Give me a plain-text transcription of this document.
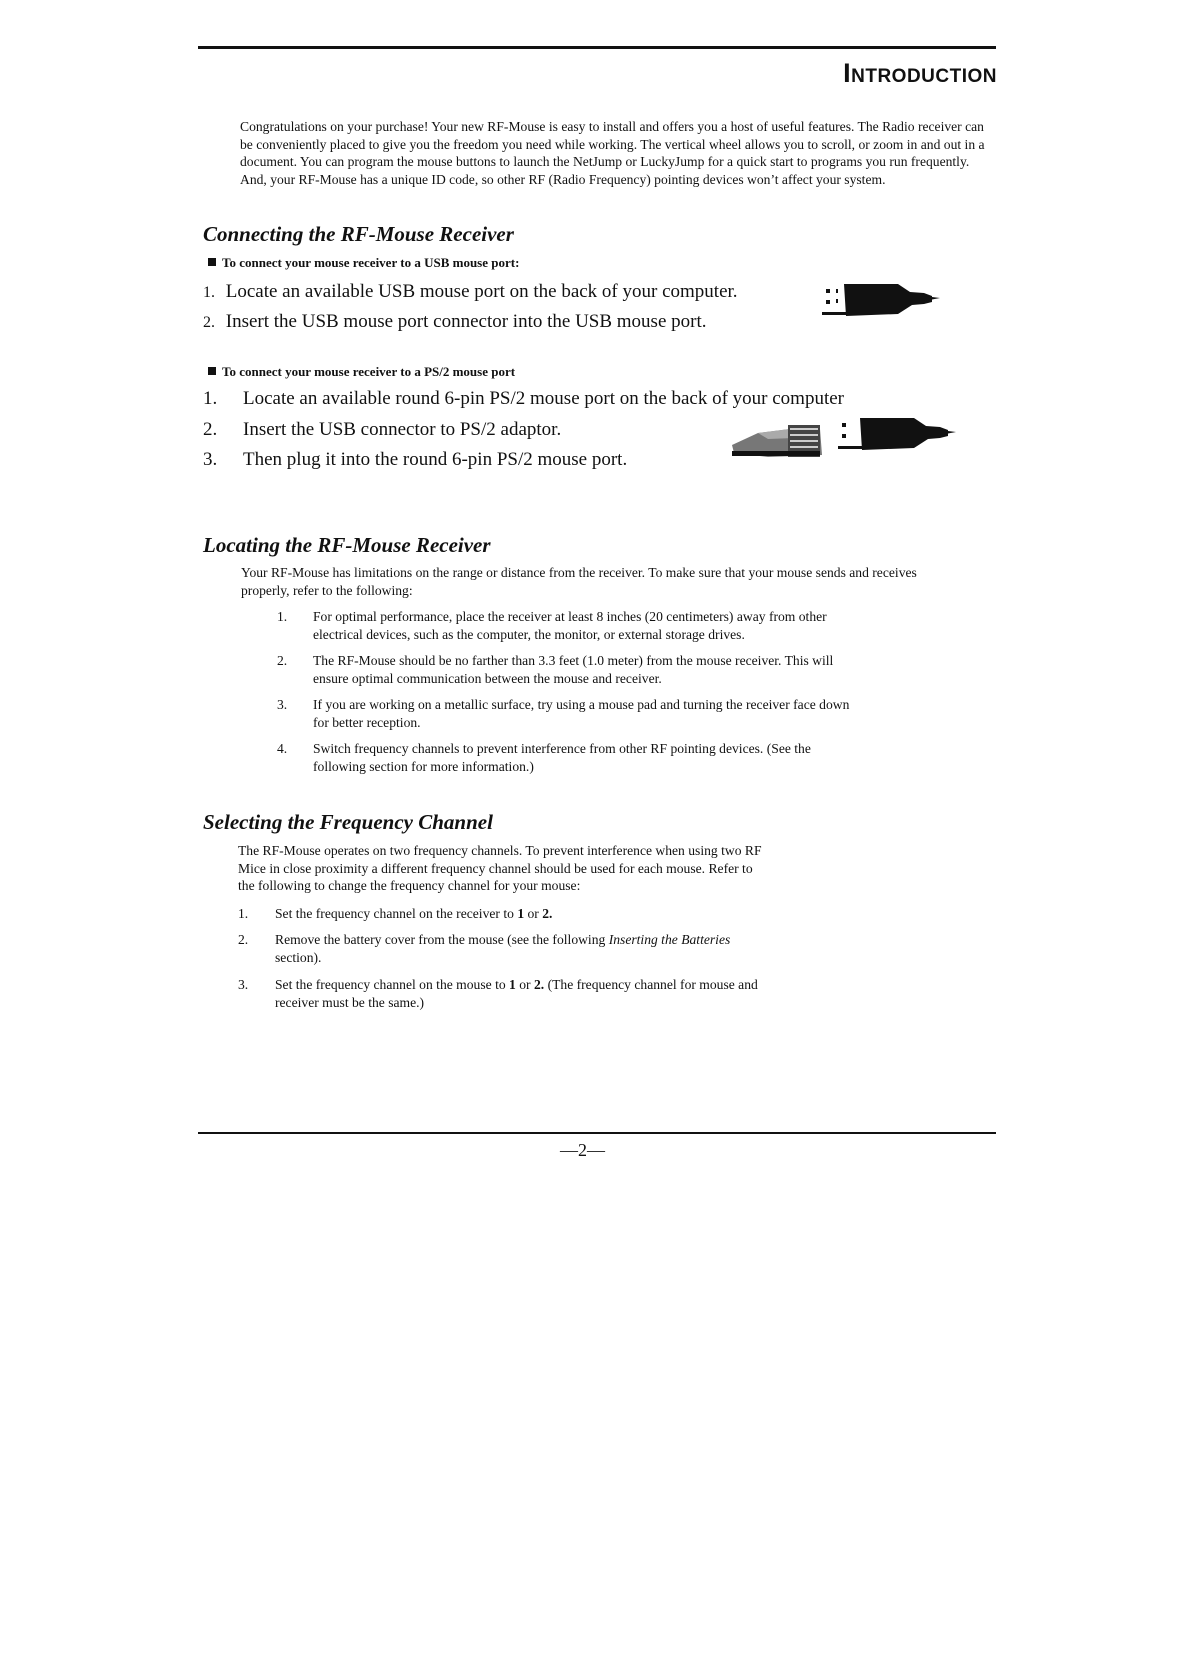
Introduction
Congratulations on your purchase! Your new RF-Mouse is easy to install and offers you a host of useful features. The Radio receiver can be conveniently placed to give you the freedom you need while working. The vertical wheel allows you to scroll, or zoom in and out in a document. You can program the mouse buttons to launch the NetJump or LuckyJump for a quick start to programs you run frequently. And, your RF-Mouse has a unique ID code, so other RF (Radio Frequency) pointing devices won’t affect your system.
Connecting the RF-Mouse Receiver
To connect your mouse receiver to a USB mouse port:
1. Locate an available USB mouse port on the back of your computer.
2. Insert the USB mouse port connector into the USB mouse port.
To connect your mouse receiver to a PS/2 mouse port
1. Locate an available round 6-pin PS/2 mouse port on the back of your computer
2. Insert the USB connector to PS/2 adaptor.
3. Then plug it into the round 6-pin PS/2 mouse port.
Locating the RF-Mouse Receiver
Your RF-Mouse has limitations on the range or distance from the receiver. To make sure that your mouse sends and receives properly, refer to the following:
1. For optimal performance, place the receiver at least 8 inches (20 centimeters) away from other
electrical devices, such as the computer, the monitor, or external storage drives.
2. The RF-Mouse should be no farther than 3.3 feet (1.0 meter) from the mouse receiver. This will
ensure optimal communication between the mouse and receiver.
3. If you are working on a metallic surface, try using a mouse pad and turning the receiver face down
for better reception.
4. Switch frequency channels to prevent interference from other RF pointing devices. (See the
following section for more information.)
Selecting the Frequency Channel
The RF-Mouse operates on two frequency channels. To prevent interference when using two RF
Mice in close proximity a different frequency channel should be used for each mouse. Refer to
the following to change the frequency channel for your mouse:
1. Set the frequency channel on the receiver to 1 or 2.
2. Remove the battery cover from the mouse (see the following Inserting the Batteries
section).
3. Set the frequency channel on the mouse to 1 or 2. (The frequency channel for mouse and
receiver must be the same.)
—2—
